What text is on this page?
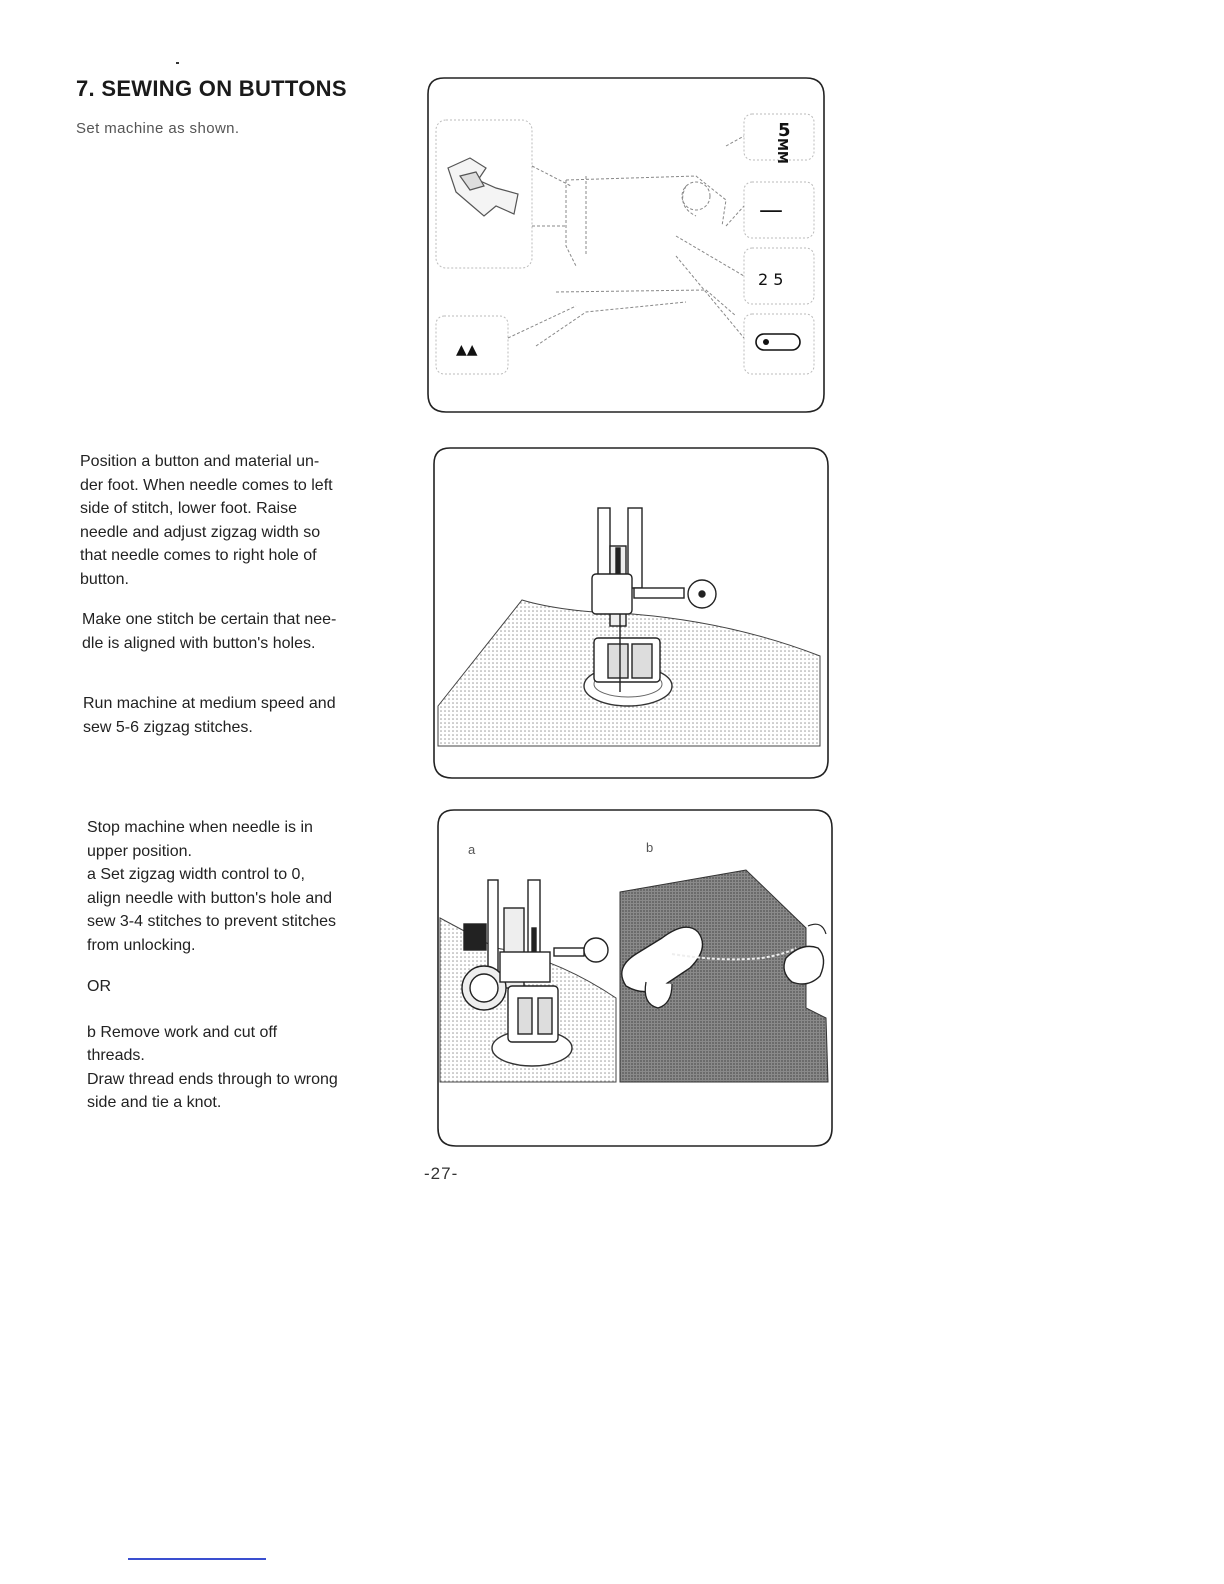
7. SEWING ON BUTTONS

Set machine as shown.	5
MM
—
2 5
▲▲
Position a button and material un-
der foot. When needle comes to left
side of stitch, lower foot. Raise
needle and adjust zigzag width so
that needle comes to right hole of
button.
Make one stitch be certain that nee-
dle is aligned with button's holes.
Run machine at medium speed and
sew 5-6 zigzag stitches.
Stop machine when needle is in
upper position.
a Set zigzag width control to 0,
align needle with button's hole and
sew 3-4 stitches to prevent stitches
from unlocking.
OR
b Remove work and cut off
threads.
Draw thread ends through to wrong
side and tie a knot.
a	b

-27-
